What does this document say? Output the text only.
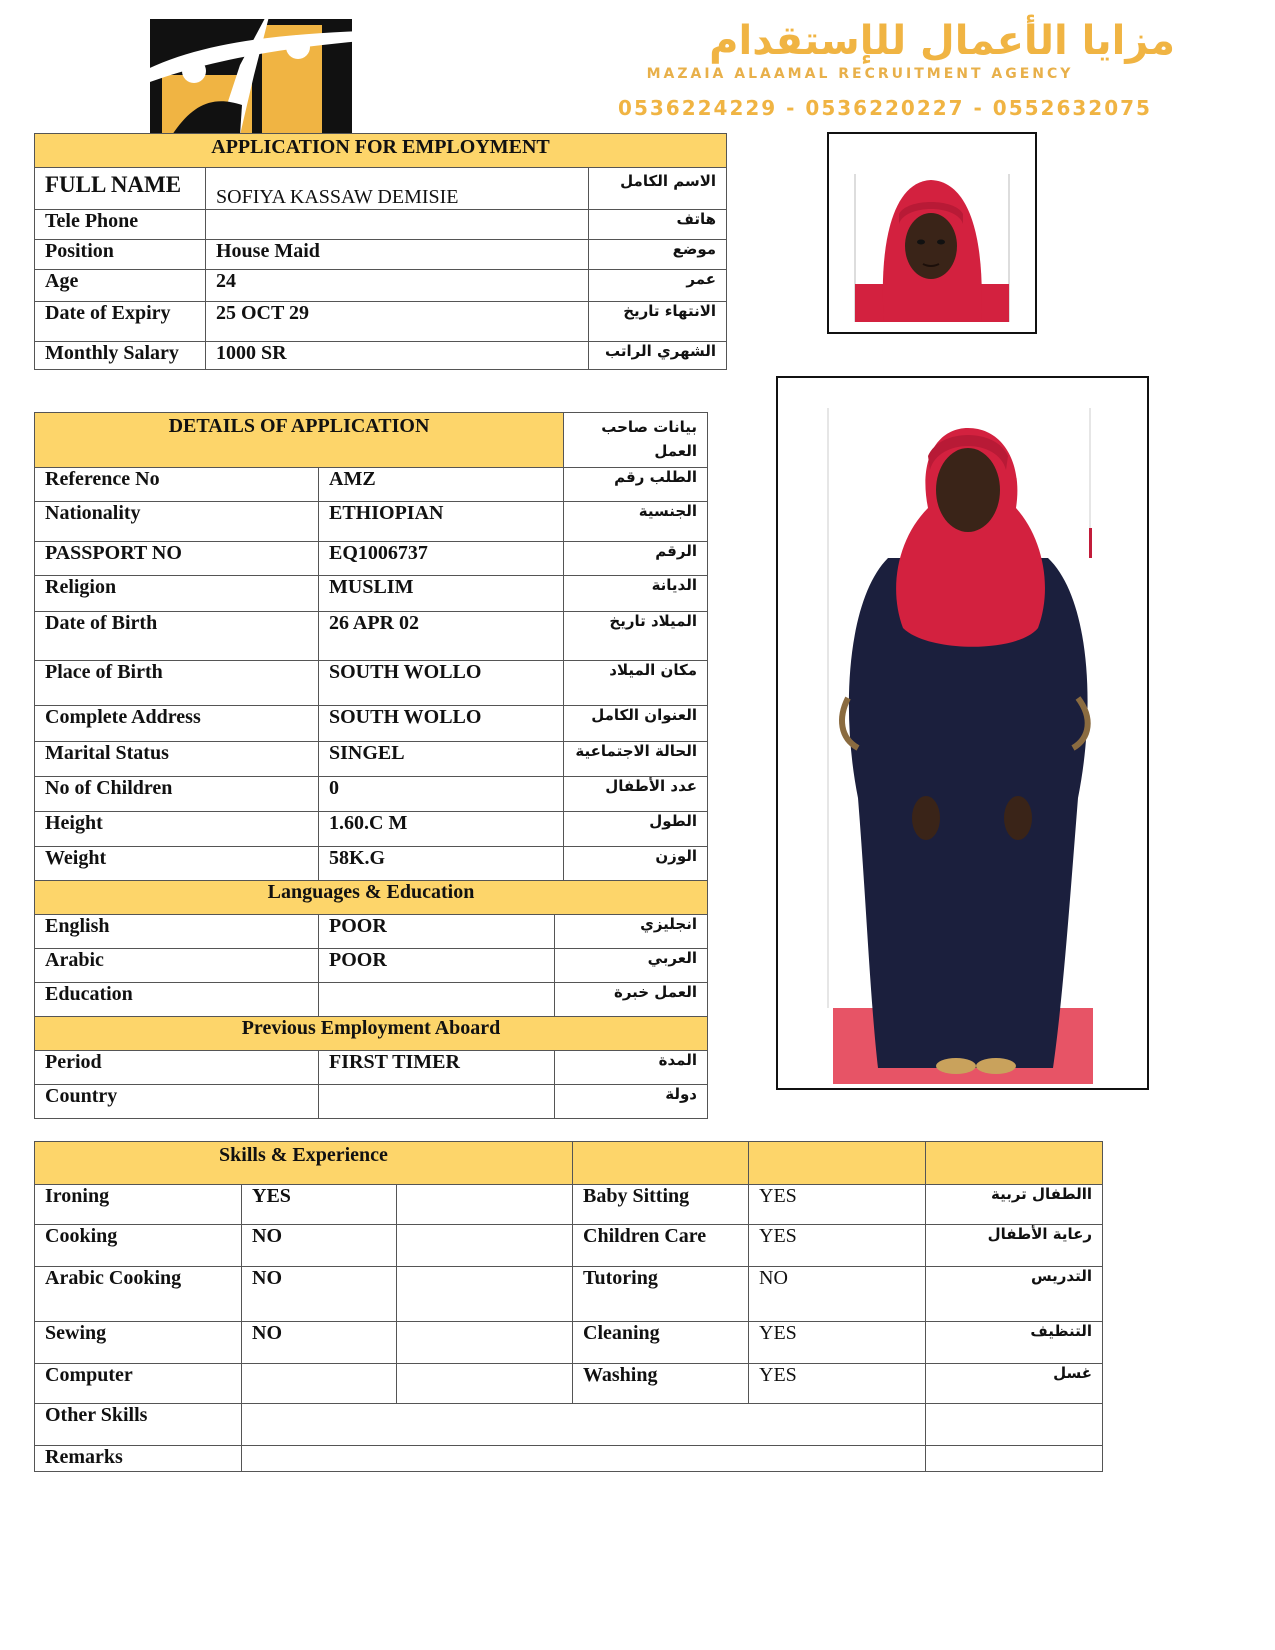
مزايا الأعمال للإستقدام
MAZAIA ALAAMAL RECRUITMENT AGENCY
0536224229 - 0536220227 - 0552632075
APPLICATION FOR EMPLOYMENT		
FULL NAME	SOFIYA KASSAW DEMISIE	الاسم الكامل
Tele Phone		هاتف
Position	House Maid	موضع
Age	24	عمر
Date of Expiry	25 OCT 29	الانتهاء تاريخ
Monthly Salary	1000 SR	الشهري الراتب
DETAILS OF APPLICATION		بيانات صاحب العمل
Reference No	AMZ	الطلب رقم
Nationality	ETHIOPIAN	الجنسية
PASSPORT NO	EQ1006737	الرقم
Religion	MUSLIM	الديانة
Date of Birth	26 APR 02	الميلاد تاريخ
Place of Birth	SOUTH WOLLO	مكان الميلاد
Complete Address	SOUTH WOLLO	العنوان الكامل
Marital Status	SINGEL	الحالة الاجتماعية
No of Children	0	عدد الأطفال
Height	1.60.C M	الطول
Weight	58K.G	الوزن
Languages & Education		
English	POOR	انجليزي
Arabic	POOR	العربي
Education		العمل خبرة
Previous Employment Aboard		
Period	FIRST TIMER	المدة
Country		دولة
Skills & Experience					
Ironing	YES		Baby Sitting	YES	االطفال تربية
Cooking	NO		Children Care	YES	رعاية الأطفال
Arabic Cooking	NO		Tutoring	NO	التدريس
Sewing	NO		Cleaning	YES	التنظيف
Computer			Washing	YES	غسل
Other Skills					
Remarks					
